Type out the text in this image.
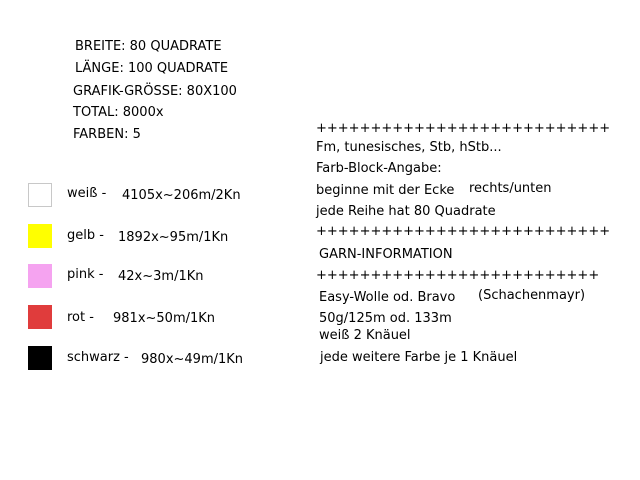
BREITE: 80 QUADRATE
LÄNGE: 100 QUADRATE
GRAFIK-GRÖSSE: 80X100
TOTAL: 8000x
FARBEN: 5
weiß - 4105x~206m/2Kn
gelb - 1892x~95m/1Kn
pink - 42x~3m/1Kn
rot - 981x~50m/1Kn
schwarz - 980x~49m/1Kn
+++++++++++++++++++++++++++
Fm, tunesisches, Stb, hStb...
Farb-Block-Angabe:
beginne mit der Ecke rechts/unten
jede Reihe hat 80 Quadrate
+++++++++++++++++++++++++++
GARN-INFORMATION
++++++++++++++++++++++++++
Easy-Wolle od. Bravo (Schachenmayr)
50g/125m od. 133m
weiß 2 Knäuel
jede weitere Farbe je 1 Knäuel
